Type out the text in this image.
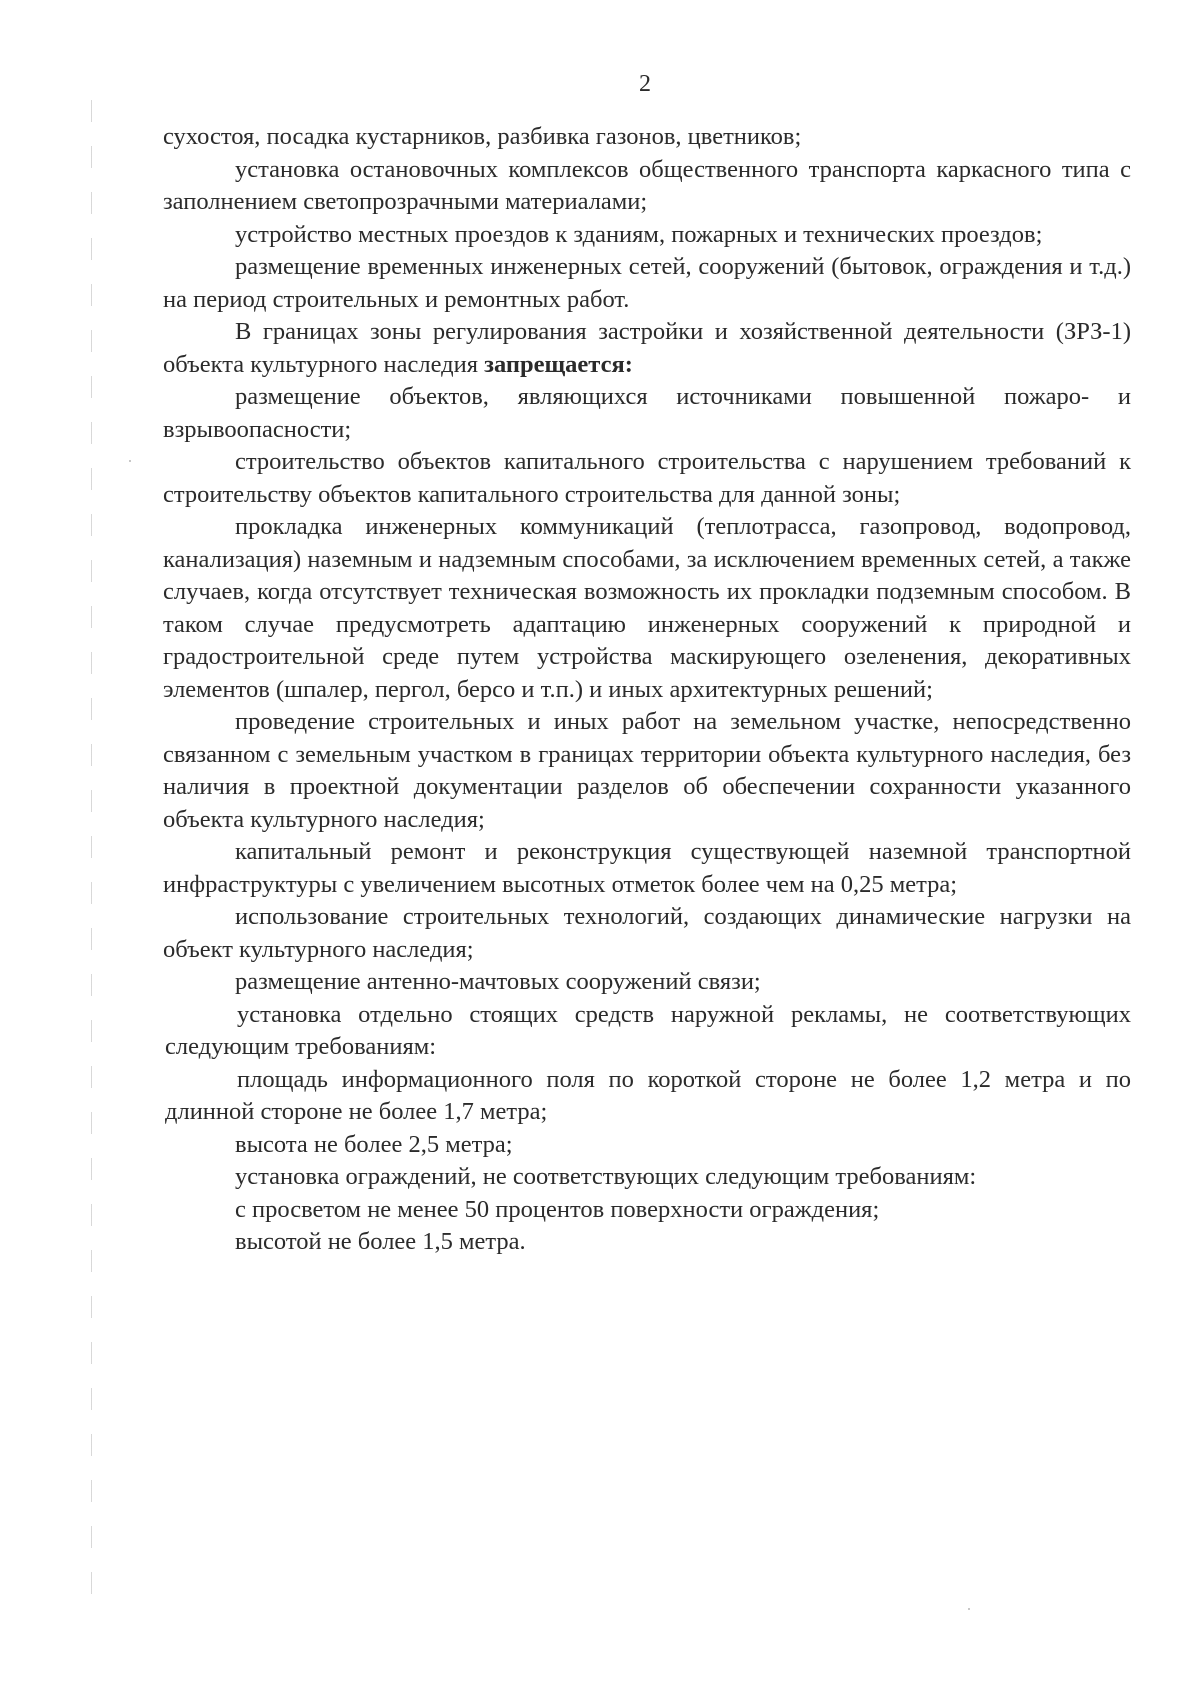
2

сухостоя, посадка кустарников, разбивка газонов, цветников;

установка остановочных комплексов общественного транспорта каркасного типа с заполнением светопрозрачными материалами;

устройство местных проездов к зданиям, пожарных и технических проездов;

размещение временных инженерных сетей, сооружений (бытовок, ограждения и т.д.) на период строительных и ремонтных работ.

В границах зоны регулирования застройки и хозяйственной деятельности (ЗРЗ-1) объекта культурного наследия запрещается:

размещение объектов, являющихся источниками повышенной пожаро- и взрывоопасности;

строительство объектов капитального строительства с нарушением требований к строительству объектов капитального строительства для данной зоны;

прокладка инженерных коммуникаций (теплотрасса, газопровод, водопровод, канализация) наземным и надземным способами, за исключением временных сетей, а также случаев, когда отсутствует техническая возможность их прокладки подземным способом. В таком случае предусмотреть адаптацию инженерных сооружений к природной и градостроительной среде путем устройства маскирующего озеленения, декоративных элементов (шпалер, пергол, берсо и т.п.) и иных архитектурных решений;

проведение строительных и иных работ на земельном участке, непосредственно связанном с земельным участком в границах территории объекта культурного наследия, без наличия в проектной документации разделов об обеспечении сохранности указанного объекта культурного наследия;

капитальный ремонт и реконструкция существующей наземной транспортной инфраструктуры с увеличением высотных отметок более чем на 0,25 метра;

использование строительных технологий, создающих динамические нагрузки на объект культурного наследия;

размещение антенно-мачтовых сооружений связи;

установка отдельно стоящих средств наружной рекламы, не соответствующих следующим требованиям:

площадь информационного поля по короткой стороне не более 1,2 метра и по длинной стороне не более 1,7 метра;

высота не более 2,5 метра;

установка ограждений, не соответствующих следующим требованиям:

с просветом не менее 50 процентов поверхности ограждения;

высотой не более 1,5 метра.
